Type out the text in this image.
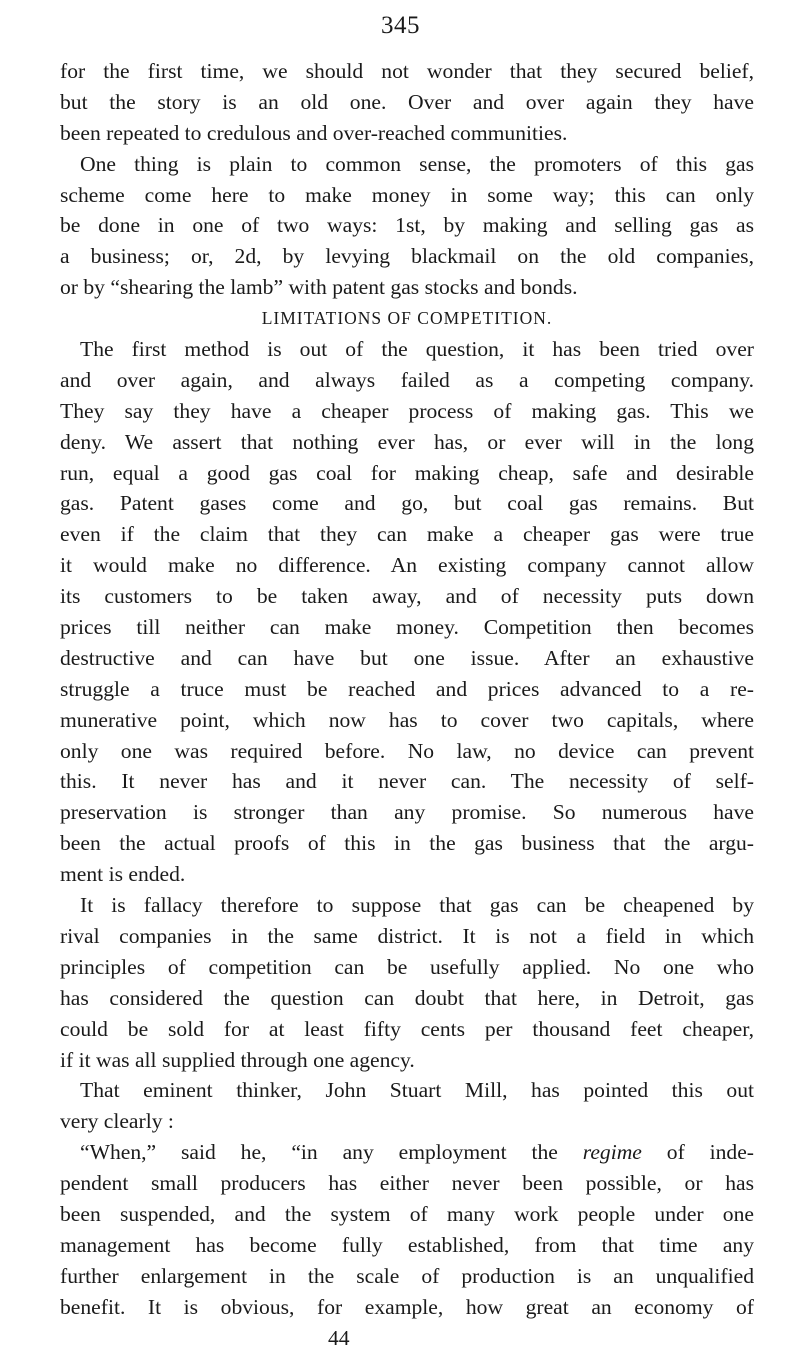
345
for the first time, we should not wonder that they secured belief,
but the story is an old one. Over and over again they have
been repeated to credulous and over-reached communities.
One thing is plain to common sense, the promoters of this gas
scheme come here to make money in some way; this can only
be done in one of two ways: 1st, by making and selling gas as
a business; or, 2d, by levying blackmail on the old companies,
or by “shearing the lamb” with patent gas stocks and bonds.
LIMITATIONS OF COMPETITION.
The first method is out of the question, it has been tried over
and over again, and always failed as a competing company.
They say they have a cheaper process of making gas. This we
deny. We assert that nothing ever has, or ever will in the long
run, equal a good gas coal for making cheap, safe and desirable
gas. Patent gases come and go, but coal gas remains. But
even if the claim that they can make a cheaper gas were true
it would make no difference. An existing company cannot allow
its customers to be taken away, and of necessity puts down
prices till neither can make money. Competition then becomes
destructive and can have but one issue. After an exhaustive
struggle a truce must be reached and prices advanced to a re-
munerative point, which now has to cover two capitals, where
only one was required before. No law, no device can prevent
this. It never has and it never can. The necessity of self-
preservation is stronger than any promise. So numerous have
been the actual proofs of this in the gas business that the argu-
ment is ended.
It is fallacy therefore to suppose that gas can be cheapened by
rival companies in the same district. It is not a field in which
principles of competition can be usefully applied. No one who
has considered the question can doubt that here, in Detroit, gas
could be sold for at least fifty cents per thousand feet cheaper,
if it was all supplied through one agency.
That eminent thinker, John Stuart Mill, has pointed this out
very clearly :
“When,” said he, “in any employment the regime of inde-
pendent small producers has either never been possible, or has
been suspended, and the system of many work people under one
management has become fully established, from that time any
further enlargement in the scale of production is an unqualified
benefit. It is obvious, for example, how great an economy of
44
